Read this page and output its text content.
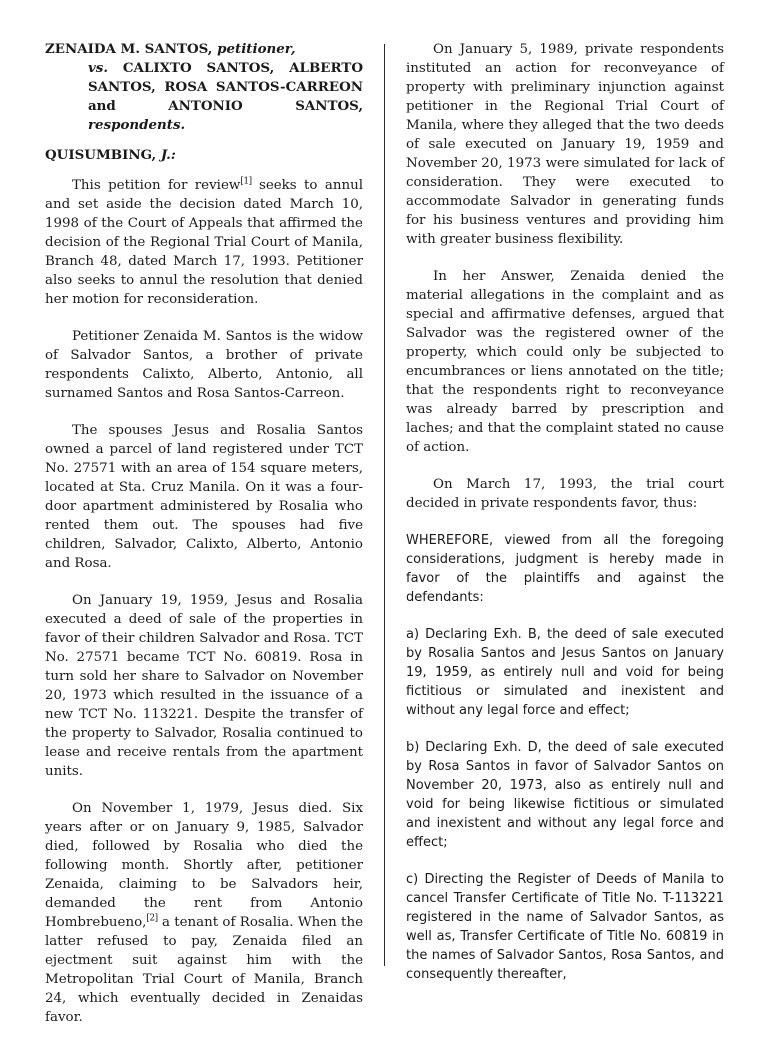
ZENAIDA M. SANTOS, petitioner,
vs. CALIXTO SANTOS, ALBERTO SANTOS, ROSA SANTOS-CARREON and ANTONIO SANTOS, respondents.

QUISUMBING, J.:

This petition for review[1] seeks to annul and set aside the decision dated March 10, 1998 of the Court of Appeals that affirmed the decision of the Regional Trial Court of Manila, Branch 48, dated March 17, 1993. Petitioner also seeks to annul the resolution that denied her motion for reconsideration.

Petitioner Zenaida M. Santos is the widow of Salvador Santos, a brother of private respondents Calixto, Alberto, Antonio, all surnamed Santos and Rosa Santos-Carreon.

The spouses Jesus and Rosalia Santos owned a parcel of land registered under TCT No. 27571 with an area of 154 square meters, located at Sta. Cruz Manila. On it was a four-door apartment administered by Rosalia who rented them out. The spouses had five children, Salvador, Calixto, Alberto, Antonio and Rosa.

On January 19, 1959, Jesus and Rosalia executed a deed of sale of the properties in favor of their children Salvador and Rosa. TCT No. 27571 became TCT No. 60819. Rosa in turn sold her share to Salvador on November 20, 1973 which resulted in the issuance of a new TCT No. 113221. Despite the transfer of the property to Salvador, Rosalia continued to lease and receive rentals from the apartment units.

On November 1, 1979, Jesus died. Six years after or on January 9, 1985, Salvador died, followed by Rosalia who died the following month. Shortly after, petitioner Zenaida, claiming to be Salvadors heir, demanded the rent from Antonio Hombrebueno,[2] a tenant of Rosalia. When the latter refused to pay, Zenaida filed an ejectment suit against him with the Metropolitan Trial Court of Manila, Branch 24, which eventually decided in Zenaidas favor.

On January 5, 1989, private respondents instituted an action for reconveyance of property with preliminary injunction against petitioner in the Regional Trial Court of Manila, where they alleged that the two deeds of sale executed on January 19, 1959 and November 20, 1973 were simulated for lack of consideration. They were executed to accommodate Salvador in generating funds for his business ventures and providing him with greater business flexibility.

In her Answer, Zenaida denied the material allegations in the complaint and as special and affirmative defenses, argued that Salvador was the registered owner of the property, which could only be subjected to encumbrances or liens annotated on the title; that the respondents right to reconveyance was already barred by prescription and laches; and that the complaint stated no cause of action.

On March 17, 1993, the trial court decided in private respondents favor, thus:

WHEREFORE, viewed from all the foregoing considerations, judgment is hereby made in favor of the plaintiffs and against the defendants:

a) Declaring Exh. B, the deed of sale executed by Rosalia Santos and Jesus Santos on January 19, 1959, as entirely null and void for being fictitious or simulated and inexistent and without any legal force and effect;

b) Declaring Exh. D, the deed of sale executed by Rosa Santos in favor of Salvador Santos on November 20, 1973, also as entirely null and void for being likewise fictitious or simulated and inexistent and without any legal force and effect;

c) Directing the Register of Deeds of Manila to cancel Transfer Certificate of Title No. T-113221 registered in the name of Salvador Santos, as well as, Transfer Certificate of Title No. 60819 in the names of Salvador Santos, Rosa Santos, and consequently thereafter,
